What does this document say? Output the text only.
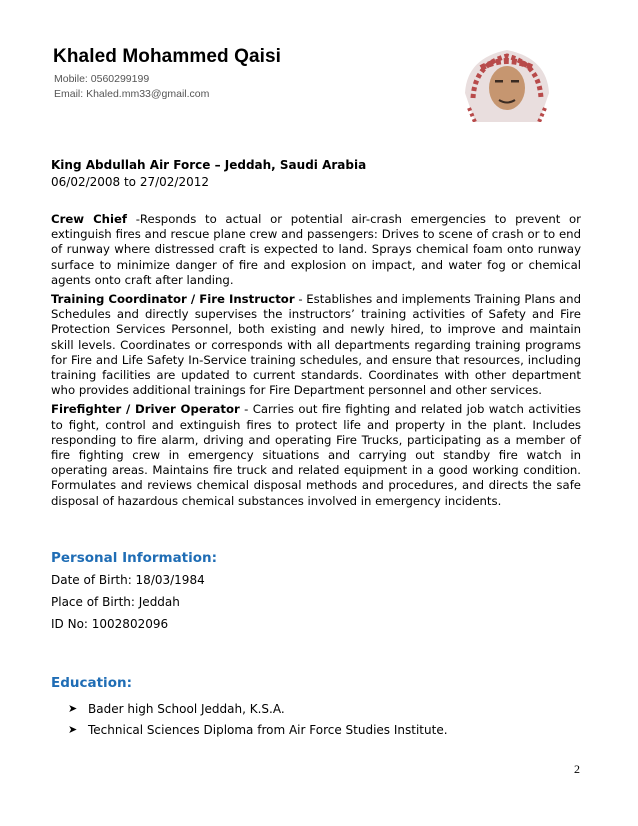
Khaled Mohammed Qaisi
Mobile: 0560299199
Email: Khaled.mm33@gmail.com
King Abdullah Air Force – Jeddah, Saudi Arabia
06/02/2008 to 27/02/2012

Crew Chief -Responds to actual or potential air-crash emergencies to prevent or extinguish fires and rescue plane crew and passengers: Drives to scene of crash or to end of runway where distressed craft is expected to land. Sprays chemical foam onto runway surface to minimize danger of fire and explosion on impact, and water fog or chemical agents onto craft after landing.

Training Coordinator / Fire Instructor - Establishes and implements Training Plans and Schedules and directly supervises the instructors’ training activities of Safety and Fire Protection Services Personnel, both existing and newly hired, to improve and maintain skill levels. Coordinates or corresponds with all departments regarding training programs for Fire and Life Safety In-Service training schedules, and ensure that resources, including training facilities are updated to current standards. Coordinates with other department who provides additional trainings for Fire Department personnel and other services.

Firefighter / Driver Operator - Carries out fire fighting and related job watch activities to fight, control and extinguish fires to protect life and property in the plant. Includes responding to fire alarm, driving and operating Fire Trucks, participating as a member of fire fighting crew in emergency situations and carrying out standby fire watch in operating areas. Maintains fire truck and related equipment in a good working condition. Formulates and reviews chemical disposal methods and procedures, and directs the safe disposal of hazardous chemical substances involved in emergency incidents.

Personal Information:
Date of Birth: 18/03/1984
Place of Birth: Jeddah
ID No: 1002802096
Education:
➤ Bader high School Jeddah, K.S.A.
➤ Technical Sciences Diploma from Air Force Studies Institute.
2
